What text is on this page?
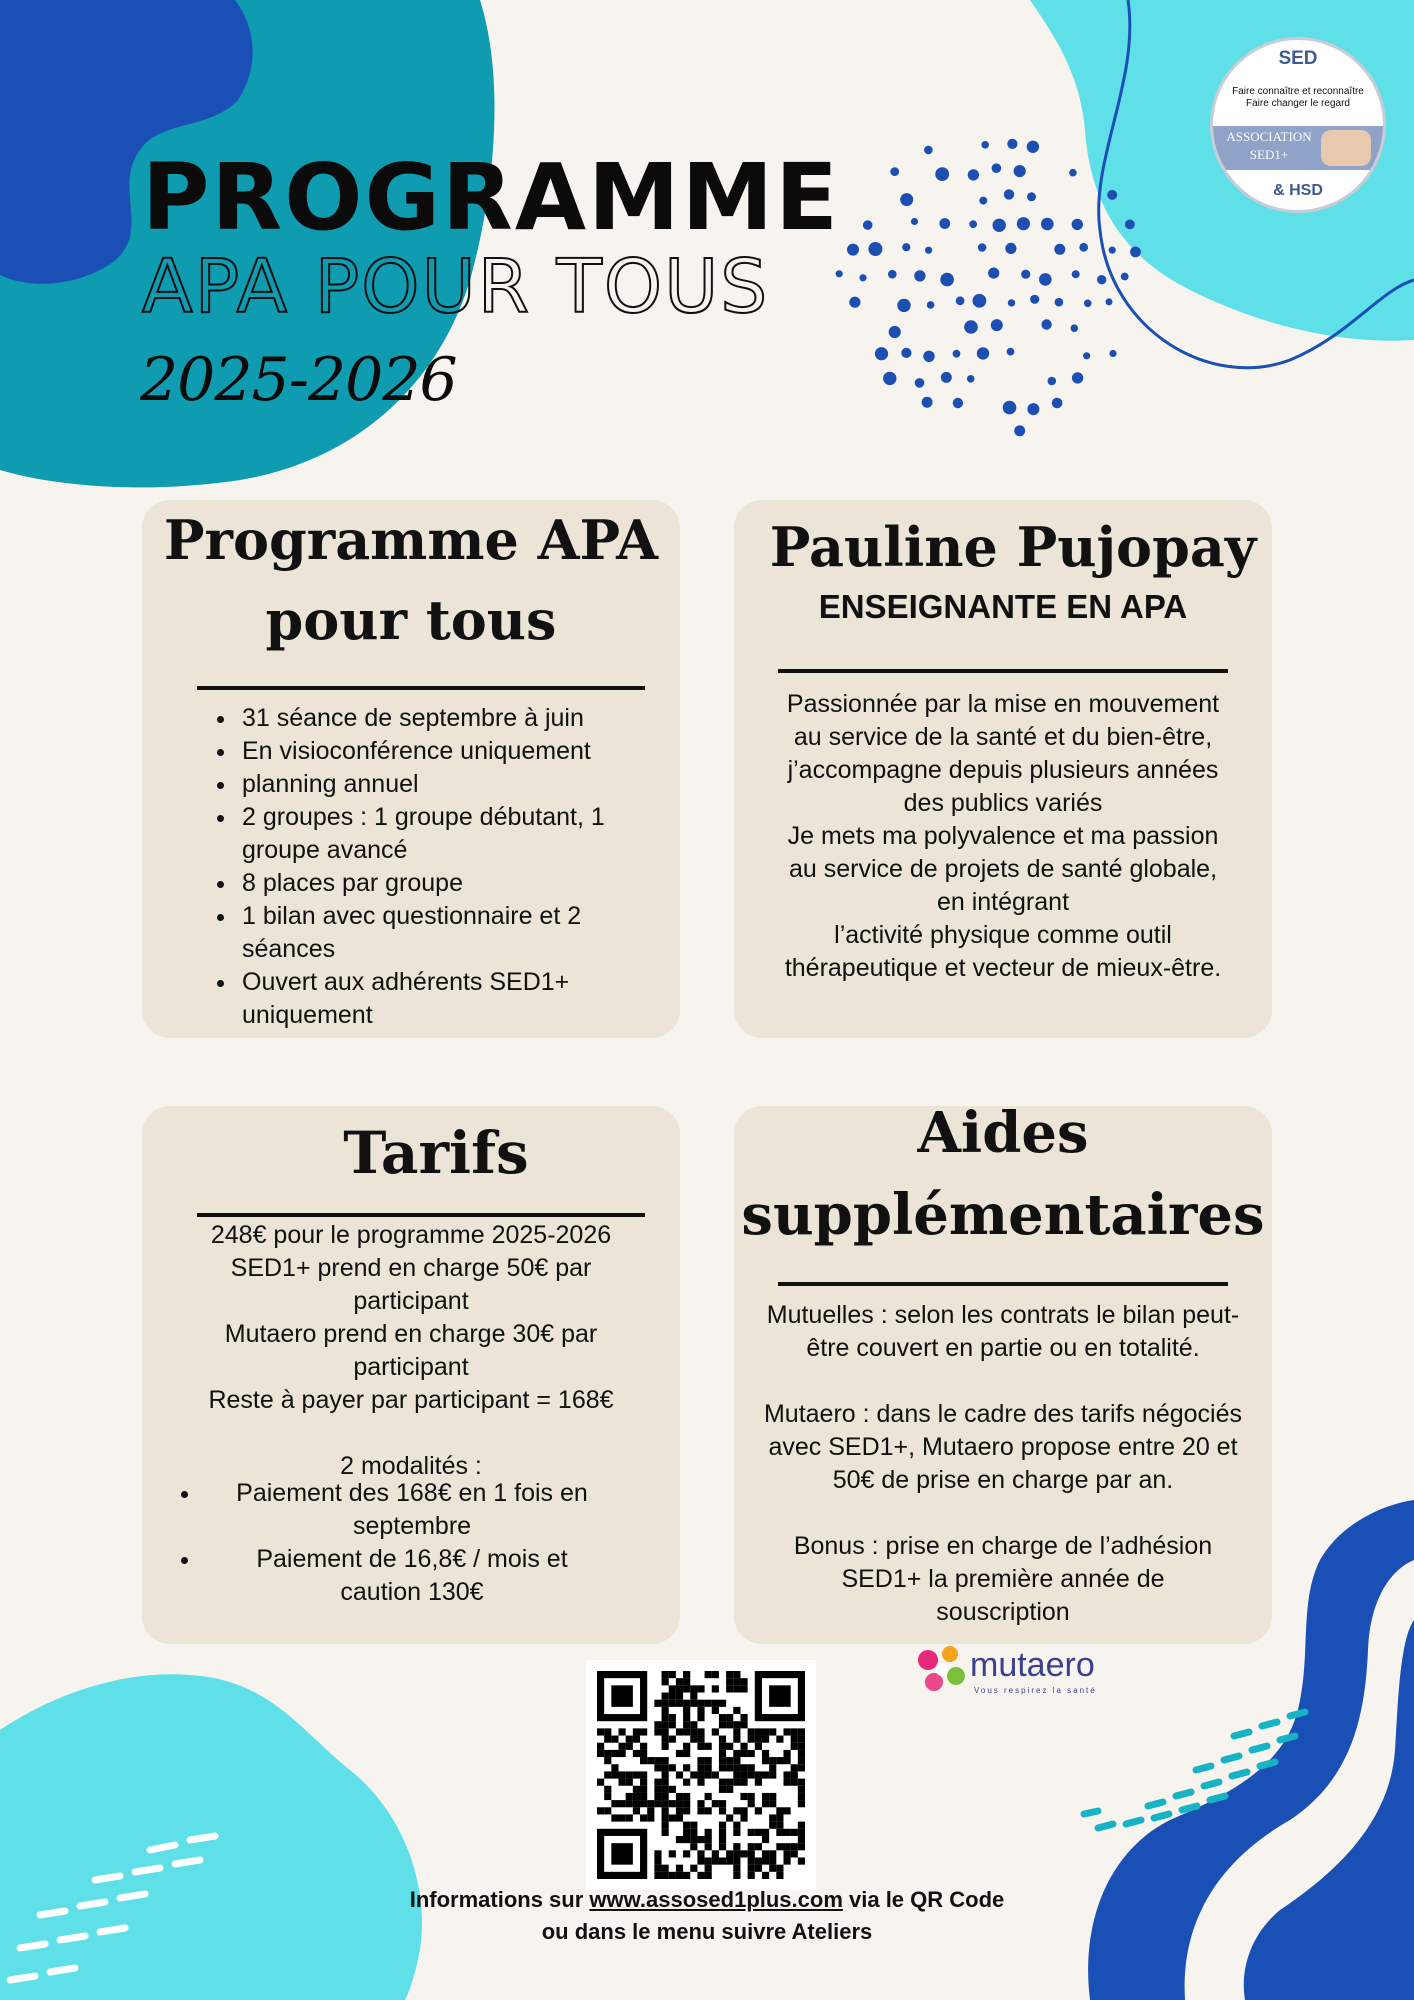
PROGRAMME
APA POUR TOUS
2025-2026
SED
Faire connaître et reconnaître
Faire changer le regard
ASSOCIATION
SED1+
& HSD
Programme APA
pour tous
• 31 séance de septembre à juin
• En visioconférence uniquement
• planning annuel
• 2 groupes : 1 groupe débutant, 1 groupe avancé
• 8 places par groupe
• 1 bilan avec questionnaire et 2 séances
• Ouvert aux adhérents SED1+ uniquement
Pauline Pujopay
ENSEIGNANTE EN APA
Passionnée par la mise en mouvement
au service de la santé et du bien-être,
j’accompagne depuis plusieurs années
des publics variés
Je mets ma polyvalence et ma passion
au service de projets de santé globale,
en intégrant
l’activité physique comme outil
thérapeutique et vecteur de mieux-être.
Tarifs
248€ pour le programme 2025-2026
SED1+ prend en charge 50€ par participant
Mutaero prend en charge 30€ par participant
Reste à payer par participant = 168€
2 modalités :
• Paiement des 168€ en 1 fois en septembre
• Paiement de 16,8€ / mois et caution 130€
Aides
supplémentaires
Mutuelles : selon les contrats le bilan peut-être couvert en partie ou en totalité.
Mutaero : dans le cadre des tarifs négociés avec SED1+, Mutaero propose entre 20 et 50€ de prise en charge par an.
Bonus : prise en charge de l’adhésion SED1+ la première année de souscription
mutaero
Vous respirez la santé
Informations sur www.assosed1plus.com via le QR Code
ou dans le menu suivre Ateliers
